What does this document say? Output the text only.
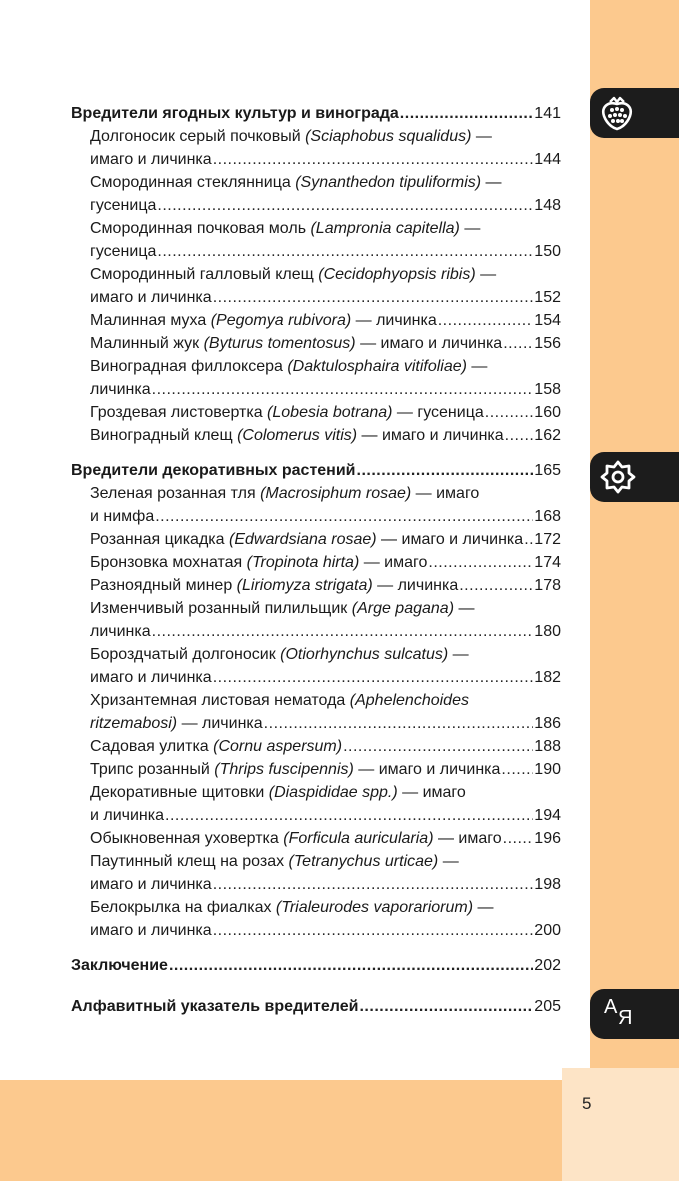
5
А Я
Вредители ягодных культур и винограда .....	141
Долгоносик серый почковый (Sciaphobus squalidus) —
имаго и личинка .....	144
Смородинная стеклянница (Synanthedon tipuliformis) —
гусеница .....	148
Смородинная почковая моль (Lampronia capitella) —
гусеница .....	150
Смородинный галловый клещ (Cecidophyopsis ribis) —
имаго и личинка .....	152
Малинная муха (Pegomya rubivora) — личинка .....	154
Малинный жук (Byturus tomentosus) — имаго и личинка ..... 156
Виноградная филлоксера (Daktulosphaira vitifoliae) —
личинка .....	158
Гроздевая листовертка (Lobesia botrana) — гусеница .....	160
Виноградный клещ (Colomerus vitis) — имаго и личинка ..... 162
Вредители декоративных растений .....	165
Зеленая розанная тля (Macrosiphum rosae) — имаго
и нимфа .....	168
Розанная цикадка (Edwardsiana rosae) — имаго и личинка ..... 172
Бронзовка мохнатая (Tropinota hirta) — имаго .....	174
Разноядный минер (Liriomyza strigata) — личинка .....	178
Изменчивый розанный пилильщик (Arge pagana) —
личинка .....	180
Бороздчатый долгоносик (Otiorhynchus sulcatus) —
имаго и личинка .....	182
Хризантемная листовая нематода (Aphelenchoides
ritzemabosi) — личинка .....	186
Садовая улитка (Cornu aspersum) .....	188
Трипс розанный (Thrips fuscipennis) — имаго и личинка ..... 190
Декоративные щитовки (Diaspididae spp.) — имаго
и личинка .....	194
Обыкновенная уховертка (Forficula auricularia) — имаго ..... 196
Паутинный клещ на розах (Tetranychus urticae) —
имаго и личинка .....	198
Белокрылка на фиалках (Trialeurodes vaporariorum) —
имаго и личинка .....	200
Заключение .....	202
Алфавитный указатель вредителей .....	205
